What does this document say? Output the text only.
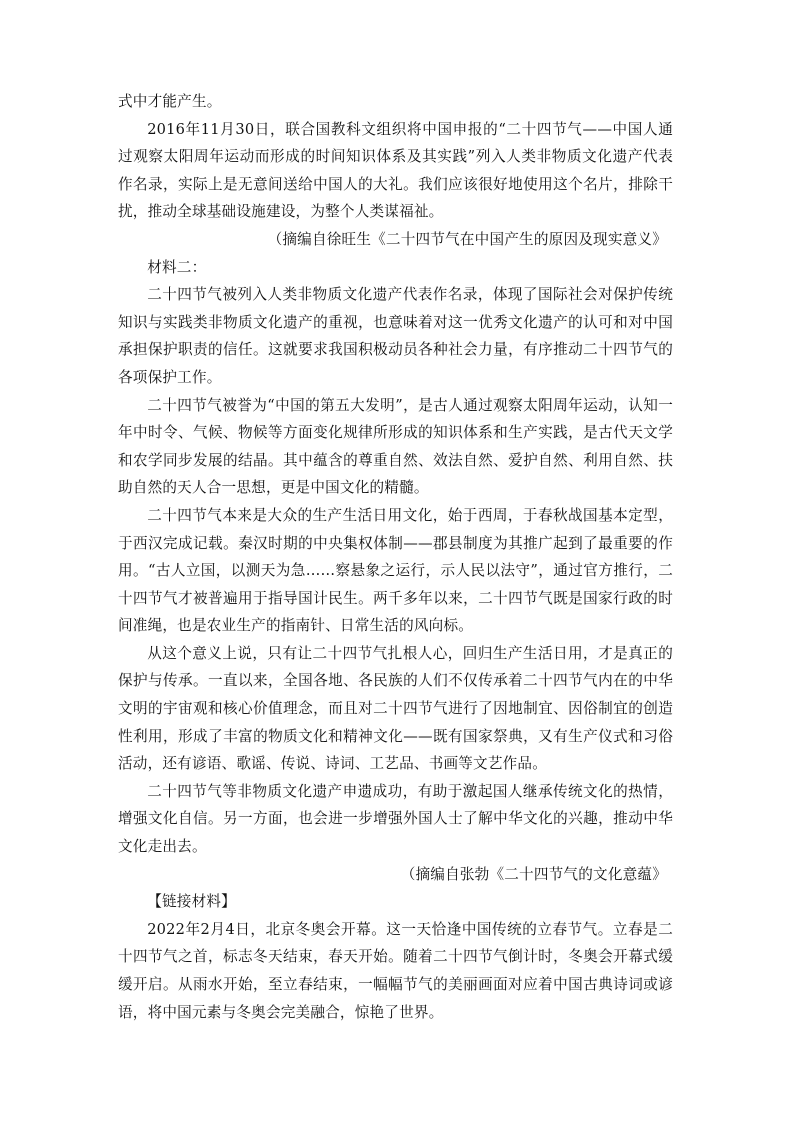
式中才能产生。

2016年11月30日，联合国教科文组织将中国申报的“二十四节气——中国人通过观察太阳周年运动而形成的时间知识体系及其实践”列入人类非物质文化遗产代表作名录，实际上是无意间送给中国人的大礼。我们应该很好地使用这个名片，排除干扰，推动全球基础设施建设，为整个人类谋福祉。

（摘编自徐旺生《二十四节气在中国产生的原因及现实意义》

材料二：

二十四节气被列入人类非物质文化遗产代表作名录，体现了国际社会对保护传统知识与实践类非物质文化遗产的重视，也意味着对这一优秀文化遗产的认可和对中国承担保护职责的信任。这就要求我国积极动员各种社会力量，有序推动二十四节气的各项保护工作。

二十四节气被誉为“中国的第五大发明”，是古人通过观察太阳周年运动，认知一年中时令、气候、物候等方面变化规律所形成的知识体系和生产实践，是古代天文学和农学同步发展的结晶。其中蕴含的尊重自然、效法自然、爱护自然、利用自然、扶助自然的天人合一思想，更是中国文化的精髓。

二十四节气本来是大众的生产生活日用文化，始于西周，于春秋战国基本定型，于西汉完成记载。秦汉时期的中央集权体制——郡县制度为其推广起到了最重要的作用。“古人立国，以测天为急……察悬象之运行，示人民以法守”，通过官方推行，二十四节气才被普遍用于指导国计民生。两千多年以来，二十四节气既是国家行政的时间准绳，也是农业生产的指南针、日常生活的风向标。

从这个意义上说，只有让二十四节气扎根人心，回归生产生活日用，才是真正的保护与传承。一直以来，全国各地、各民族的人们不仅传承着二十四节气内在的中华文明的宇宙观和核心价值理念，而且对二十四节气进行了因地制宜、因俗制宜的创造性利用，形成了丰富的物质文化和精神文化——既有国家祭典，又有生产仪式和习俗活动，还有谚语、歌谣、传说、诗词、工艺品、书画等文艺作品。

二十四节气等非物质文化遗产申遗成功，有助于激起国人继承传统文化的热情，增强文化自信。另一方面，也会进一步增强外国人士了解中华文化的兴趣，推动中华文化走出去。

（摘编自张勃《二十四节气的文化意蕴》

【链接材料】

2022年2月4日，北京冬奥会开幕。这一天恰逢中国传统的立春节气。立春是二十四节气之首，标志冬天结束，春天开始。随着二十四节气倒计时，冬奥会开幕式缓缓开启。从雨水开始，至立春结束，一幅幅节气的美丽画面对应着中国古典诗词或谚语，将中国元素与冬奥会完美融合，惊艳了世界。
